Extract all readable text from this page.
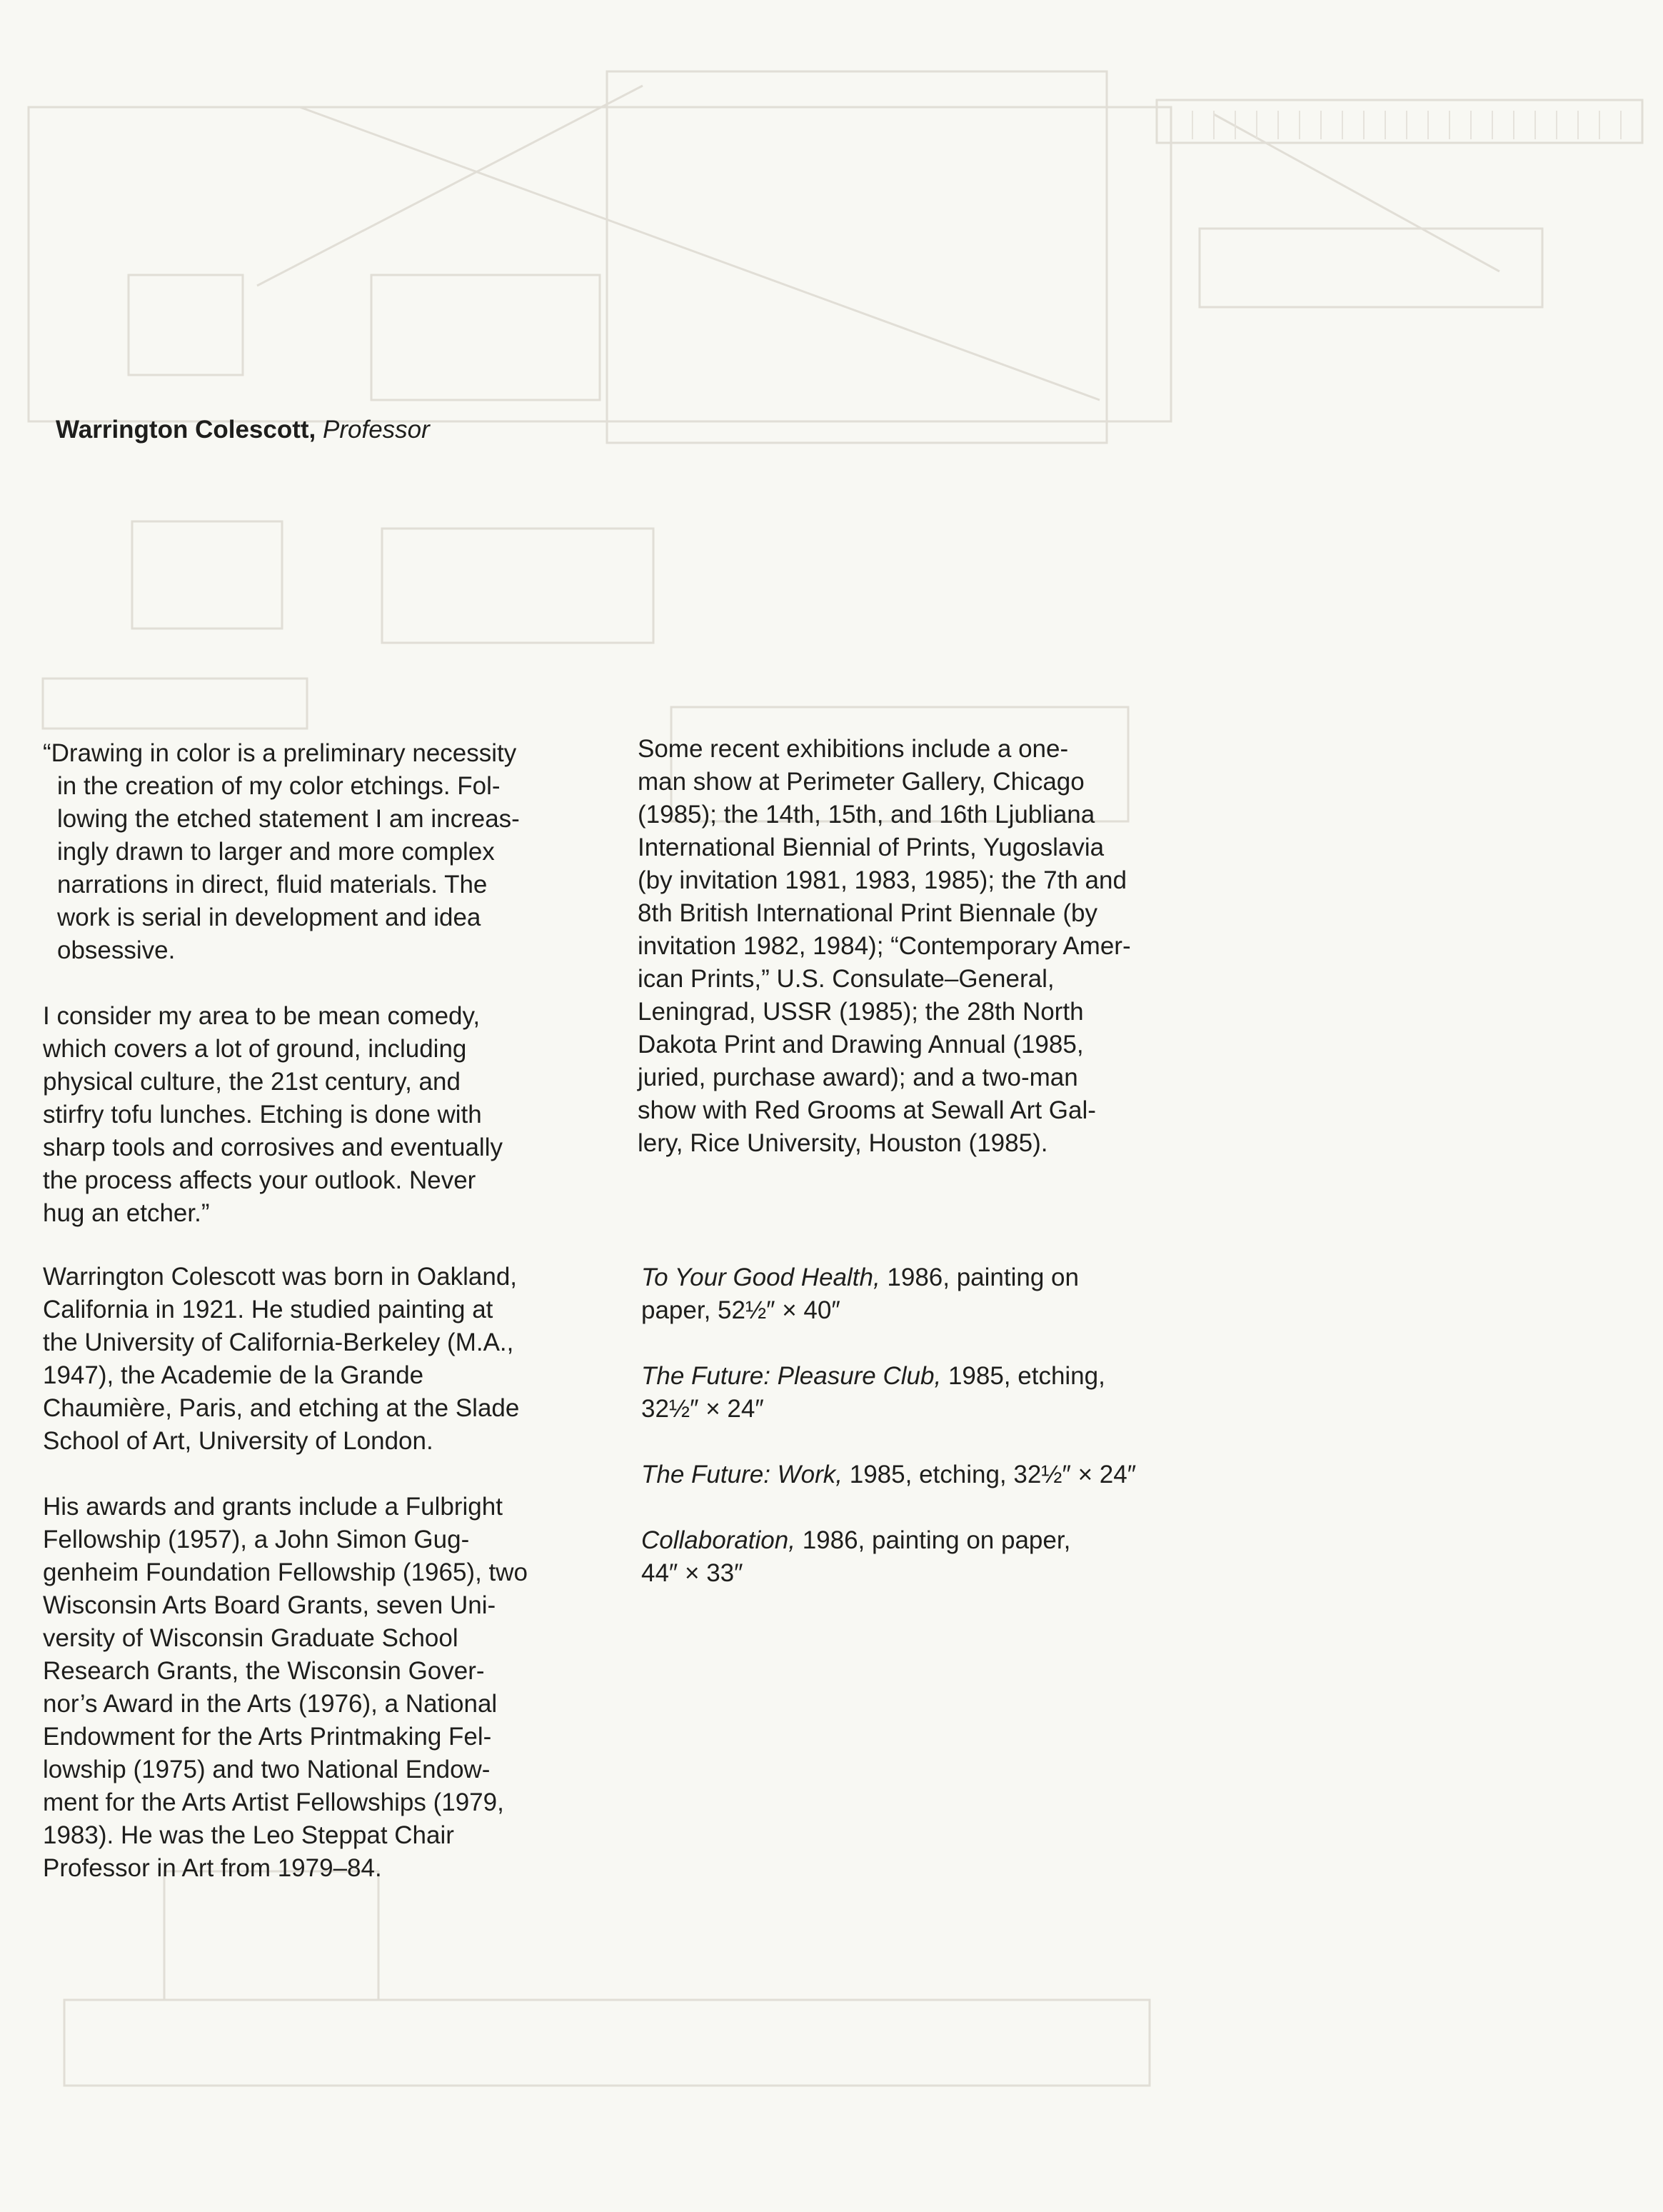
Warrington Colescott, Professor

“Drawing in color is a preliminary necessity
in the creation of my color etchings. Fol-
lowing the etched statement I am increas-
ingly drawn to larger and more complex
narrations in direct, fluid materials. The
work is serial in development and idea
obsessive.

I consider my area to be mean comedy,
which covers a lot of ground, including
physical culture, the 21st century, and
stirfry tofu lunches. Etching is done with
sharp tools and corrosives and eventually
the process affects your outlook. Never
hug an etcher.”

Warrington Colescott was born in Oakland,
California in 1921. He studied painting at
the University of California-Berkeley (M.A.,
1947), the Academie de la Grande
Chaumière, Paris, and etching at the Slade
School of Art, University of London.

His awards and grants include a Fulbright
Fellowship (1957), a John Simon Gug-
genheim Foundation Fellowship (1965), two
Wisconsin Arts Board Grants, seven Uni-
versity of Wisconsin Graduate School
Research Grants, the Wisconsin Gover-
nor’s Award in the Arts (1976), a National
Endowment for the Arts Printmaking Fel-
lowship (1975) and two National Endow-
ment for the Arts Artist Fellowships (1979,
1983). He was the Leo Steppat Chair
Professor in Art from 1979–84.

Some recent exhibitions include a one-
man show at Perimeter Gallery, Chicago
(1985); the 14th, 15th, and 16th Ljubliana
International Biennial of Prints, Yugoslavia
(by invitation 1981, 1983, 1985); the 7th and
8th British International Print Biennale (by
invitation 1982, 1984); “Contemporary Amer-
ican Prints,” U.S. Consulate–General,
Leningrad, USSR (1985); the 28th North
Dakota Print and Drawing Annual (1985,
juried, purchase award); and a two-man
show with Red Grooms at Sewall Art Gal-
lery, Rice University, Houston (1985).

To Your Good Health, 1986, painting on
paper, 52½″ × 40″
The Future: Pleasure Club, 1985, etching,
32½″ × 24″
The Future: Work, 1985, etching, 32½″ × 24″
Collaboration, 1986, painting on paper,
44″ × 33″
